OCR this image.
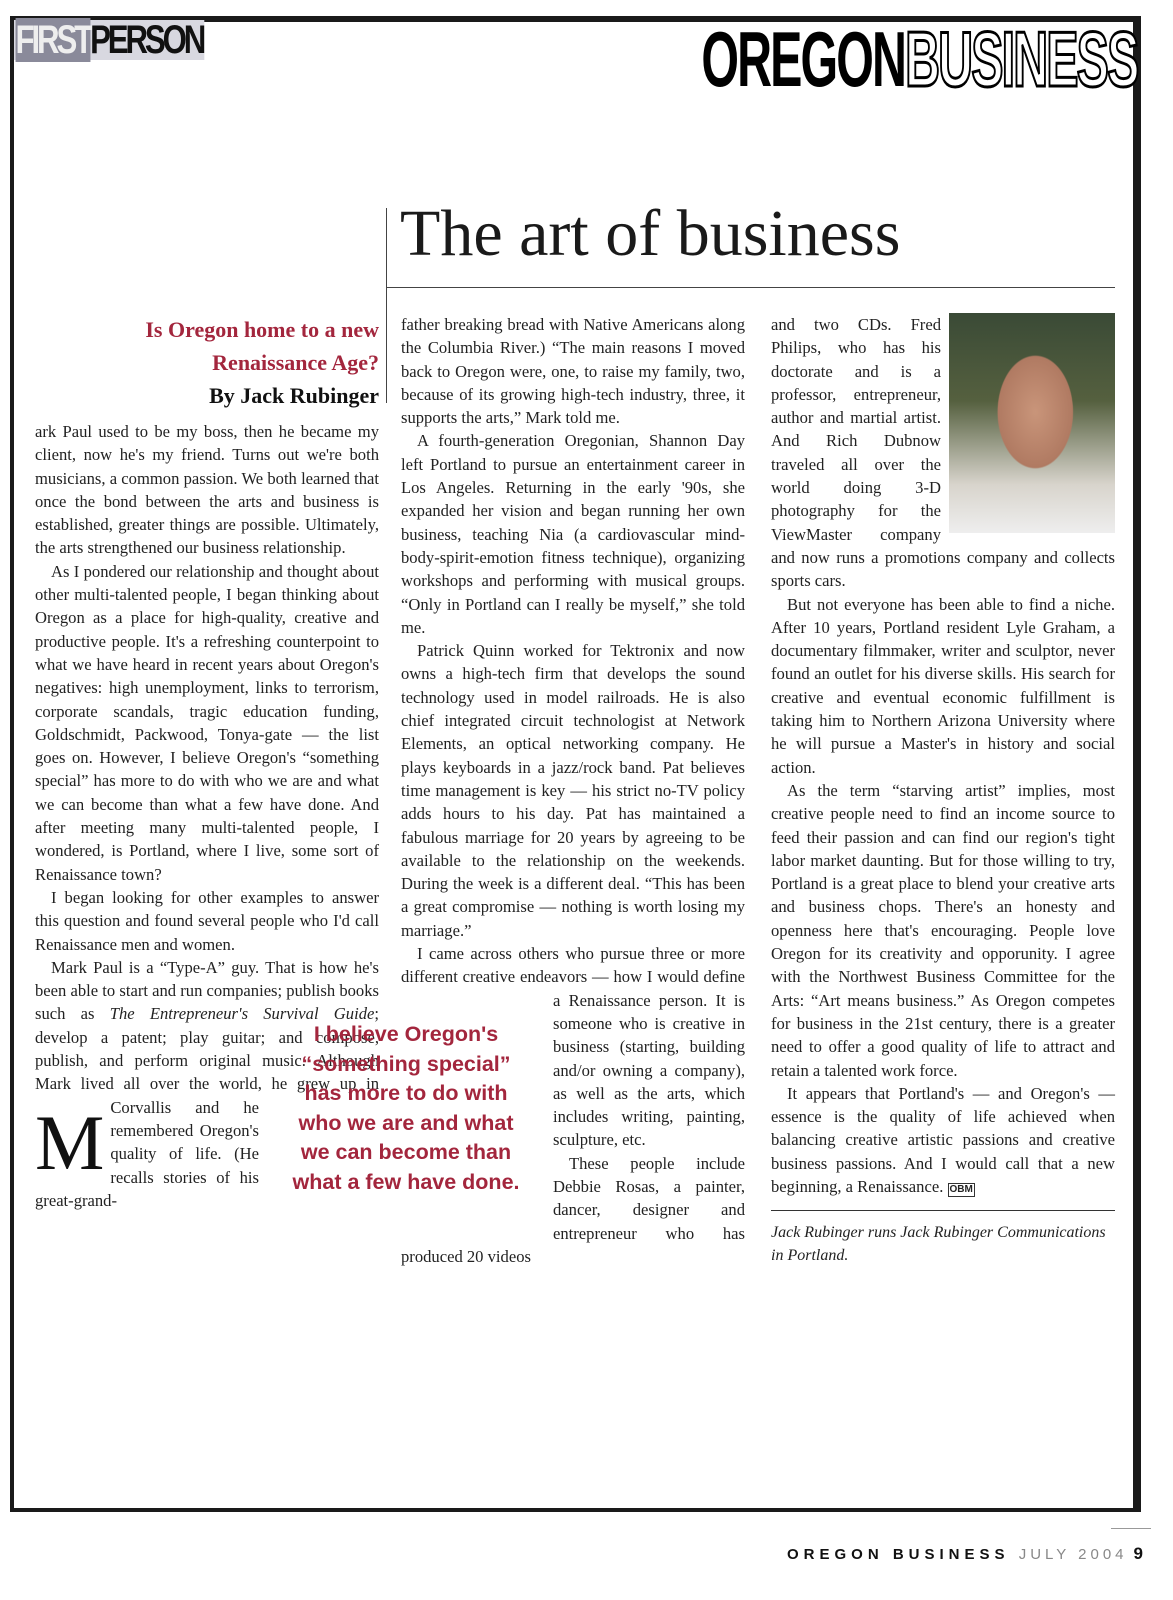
FIRSTPERSON	OREGONBUSINESS
The art of business
Is Oregon home to a new Renaissance Age?
By Jack Rubinger

M
ark Paul used to be my boss, then he became my client, now he's my friend. Turns out we're both musicians, a common passion. We both learned that once the bond between the arts and business is established, greater things are possible. Ultimately, the arts strengthened our business relationship.

As I pondered our relationship and thought about other multi-talented people, I began thinking about Oregon as a place for high-quality, creative and productive people. It's a refreshing counterpoint to what we have heard in recent years about Oregon's negatives: high unemployment, links to terrorism, corporate scandals, tragic education funding, Goldschmidt, Packwood, Tonya-gate — the list goes on. However, I believe Oregon's “something special” has more to do with who we are and what we can become than what a few have done. And after meeting many multi-talented people, I wondered, is Portland, where I live, some sort of Renaissance town?

I began looking for other examples to answer this question and found several people who I'd call Renaissance men and women.

Mark Paul is a “Type-A” guy. That is how he's been able to start and run companies; publish books such as The Entrepreneur's Survival Guide; develop a patent; play guitar; and compose, publish, and perform original music. Although Mark lived all over the world, he grew up in Corvallis and he remembered Oregon's quality of life. (He recalls stories of his great-grand-

father breaking bread with Native Americans along the Columbia River.) “The main reasons I moved back to Oregon were, one, to raise my family, two, because of its growing high-tech industry, three, it supports the arts,” Mark told me.

A fourth-generation Oregonian, Shannon Day left Portland to pursue an entertainment career in Los Angeles. Returning in the early '90s, she expanded her vision and began running her own business, teaching Nia (a cardiovascular mind-body-spirit-emotion fitness technique), organizing workshops and performing with musical groups. “Only in Portland can I really be myself,” she told me.

Patrick Quinn worked for Tektronix and now owns a high-tech firm that develops the sound technology used in model railroads. He is also chief integrated circuit technologist at Network Elements, an optical networking company. He plays keyboards in a jazz/rock band. Pat believes time management is key — his strict no-TV policy adds hours to his day. Pat has maintained a fabulous marriage for 20 years by agreeing to be available to the relationship on the weekends. During the week is a different deal. “This has been a great compromise — nothing is worth losing my marriage.”

I came across others who pursue three or more different creative endeavors — how I would define a Renaissance person. It is someone who is creative in business (starting, building and/or owning a company), as well as the arts, which includes writing, painting, sculpture, etc.

These people include Debbie Rosas, a painter, dancer, designer and entrepreneur who has produced 20 videos

and two CDs. Fred Philips, who has his doctorate and is a professor, entrepreneur, author and martial artist. And Rich Dubnow traveled all over the world doing 3-D photography for the ViewMaster company and now runs a promotions company and collects sports cars.

But not everyone has been able to find a niche. After 10 years, Portland resident Lyle Graham, a documentary filmmaker, writer and sculptor, never found an outlet for his diverse skills. His search for creative and eventual economic fulfillment is taking him to Northern Arizona University where he will pursue a Master's in history and social action.

As the term “starving artist” implies, most creative people need to find an income source to feed their passion and can find our region's tight labor market daunting. But for those willing to try, Portland is a great place to blend your creative arts and business chops. There's an honesty and openness here that's encouraging. People love Oregon for its creativity and opporunity. I agree with the Northwest Business Committee for the Arts: “Art means business.” As Oregon competes for business in the 21st century, there is a greater need to offer a good quality of life to attract and retain a talented work force.

It appears that Portland's — and Oregon's — essence is the quality of life achieved when balancing creative artistic passions and creative business passions. And I would call that a new beginning, a Renaissance. OBM

Jack Rubinger runs Jack Rubinger Communications in Portland.
I believe Oregon's “something special” has more to do with who we are and what we can become than what a few have done.
OREGON BUSINESS JULY 2004 9
